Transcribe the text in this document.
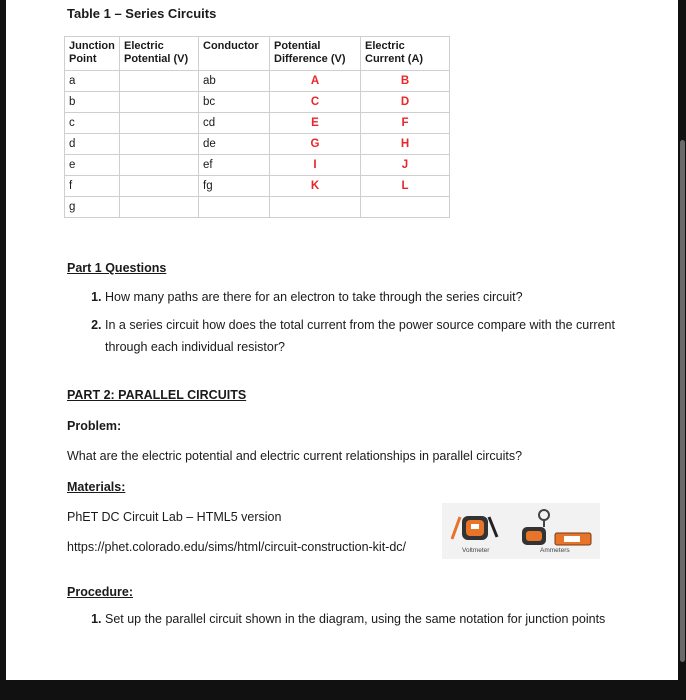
Table 1 – Series Circuits
Junction Point	Electric Potential (V)	Conductor	Potential Difference (V)	Electric Current (A)
a		ab	A	B
b		bc	C	D
c		cd	E	F
d		de	G	H
e		ef	I	J
f		fg	K	L
g				
Part 1 Questions
1. How many paths are there for an electron to take through the series circuit?
2. In a series circuit how does the total current from the power source compare with the current through each individual resistor?
PART 2: PARALLEL CIRCUITS
Problem:
What are the electric potential and electric current relationships in parallel circuits?
Materials:
PhET DC Circuit Lab – HTML5 version
https://phet.colorado.edu/sims/html/circuit-construction-kit-dc/	Voltmeter	Ammeters
Procedure:
1. Set up the parallel circuit shown in the diagram, using the same notation for junction points
